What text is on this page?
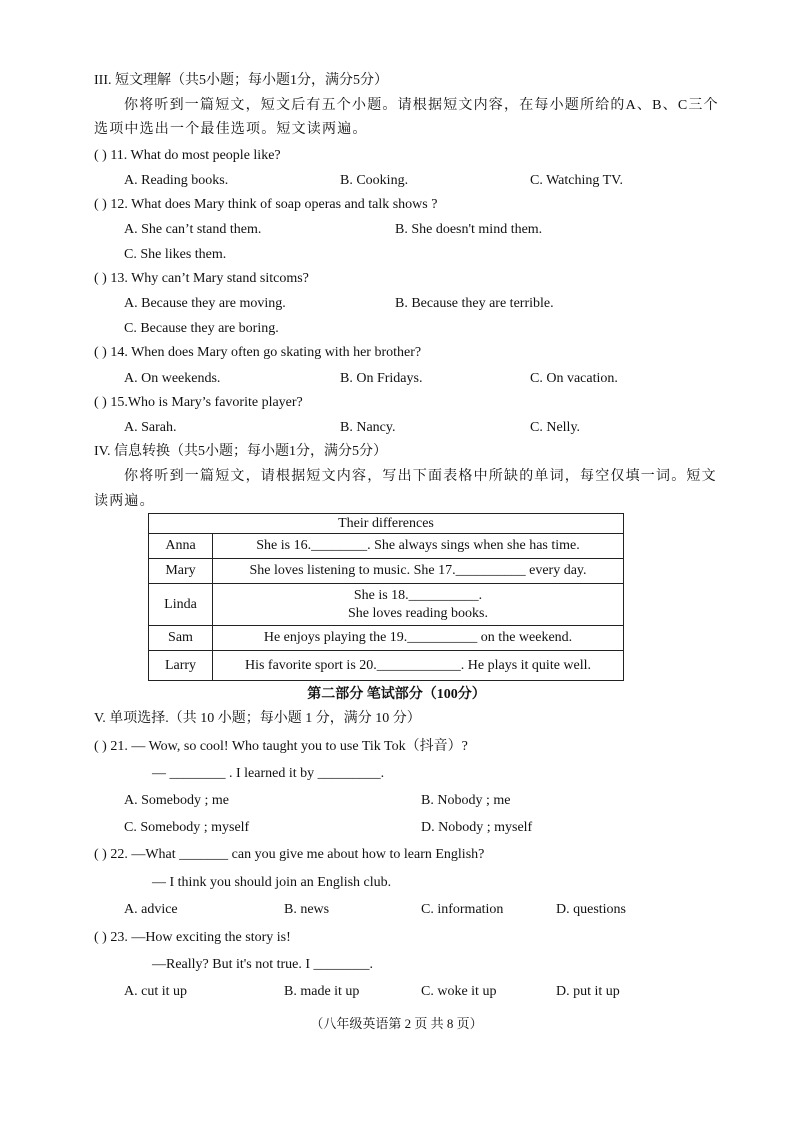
III. 短文理解（共5小题；每小题1分，满分5分）
你将听到一篇短文，短文后有五个小题。请根据短文内容，在每小题所给的A、B、C三个
选项中选出一个最佳选项。短文读两遍。
( ) 11. What do most people like?
A. Reading books.	B. Cooking.	C. Watching TV.
( ) 12. What does Mary think of soap operas and talk shows ?
A. She can’t stand them.	B. She doesn't mind them.
C. She likes them.
( ) 13. Why can’t Mary stand sitcoms?
A. Because they are moving.	B. Because they are terrible.
C. Because they are boring.
( ) 14. When does Mary often go skating with her brother?
A. On weekends.	B. On Fridays.	C. On vacation.
( ) 15.Who is Mary’s favorite player?
A. Sarah.	B. Nancy.	C. Nelly.
IV. 信息转换（共5小题；每小题1分，满分5分）
你将听到一篇短文，请根据短文内容，写出下面表格中所缺的单词，每空仅填一词。短文
读两遍。
Their differences	
Anna	She is 16.________. She always sings when she has time.
Mary	She loves listening to music. She 17.__________ every day.
Linda	She is 18.__________.
She loves reading books.

Sam	He enjoys playing the 19.__________ on the weekend.
Larry	His favorite sport is 20.____________. He plays it quite well.
第二部分 笔试部分（100分）
V. 单项选择.（共 10 小题；每小题 1 分，满分 10 分）
( ) 21. — Wow, so cool! Who taught you to use Tik Tok（抖音）?
— ________ . I learned it by _________.
A. Somebody ; me	B. Nobody ; me
C. Somebody ; myself	D. Nobody ; myself
( ) 22. —What _______ can you give me about how to learn English?
— I think you should join an English club.
A. advice	B. news	C. information	D. questions
( ) 23. —How exciting the story is!
—Really? But it's not true. I ________.
A. cut it up	B. made it up	C. woke it up	D. put it up
（八年级英语第 2 页 共 8 页）
